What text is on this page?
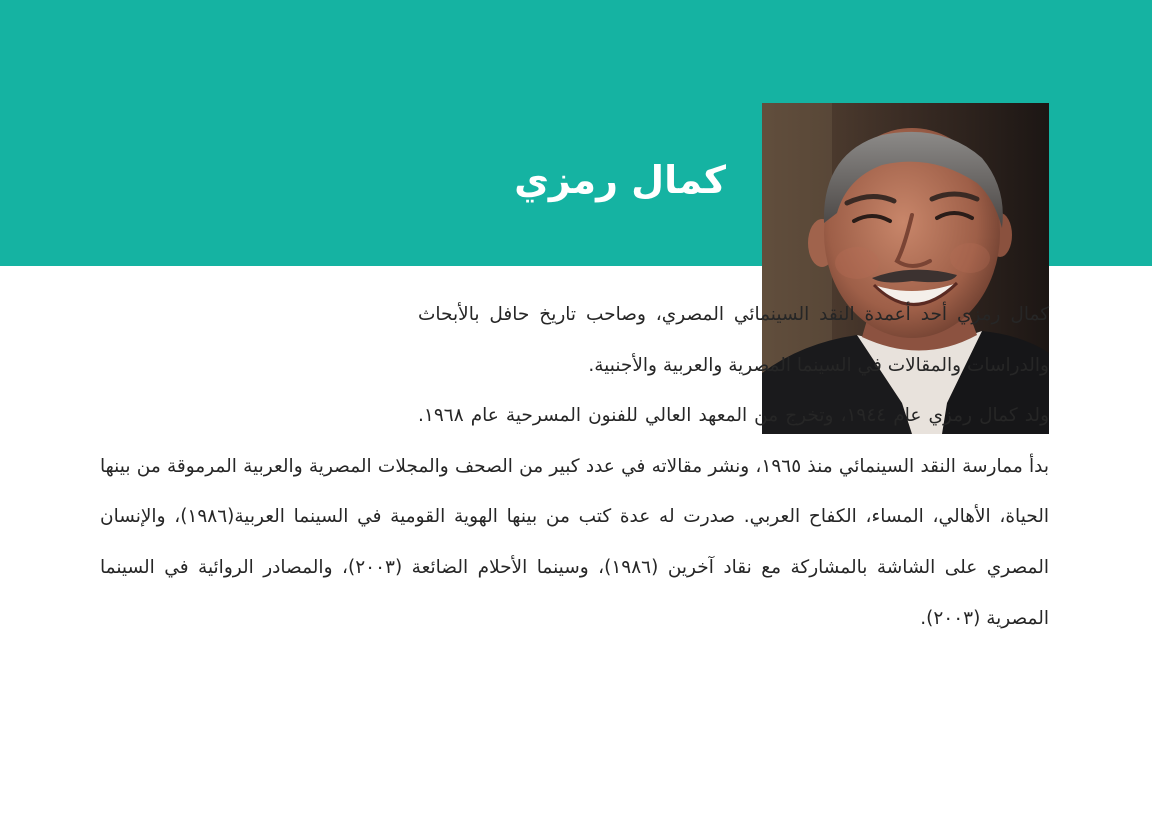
كمال رمزي

كمال رمزي أحد أعمدة النقد السينمائي المصري، وصاحب تاريخ حافل بالأبحاث والدراسات والمقالات في السينما المصرية والعربية والأجنبية.

ولد كمال رمزي عام ١٩٤٤، وتخرج من المعهد العالي للفنون المسرحية عام ١٩٦٨. بدأ ممارسة النقد السينمائي منذ ١٩٦٥، ونشر مقالاته في عدد كبير من الصحف والمجلات المصرية والعربية المرموقة من بينها الحياة، الأهالي، المساء، الكفاح العربي. صدرت له عدة كتب من بينها الهوية القومية في السينما العربية(١٩٨٦)، والإنسان المصري على الشاشة بالمشاركة مع نقاد آخرين (١٩٨٦)، وسينما الأحلام الضائعة (٢٠٠٣)، والمصادر الروائية في السينما المصرية (٢٠٠٣).
